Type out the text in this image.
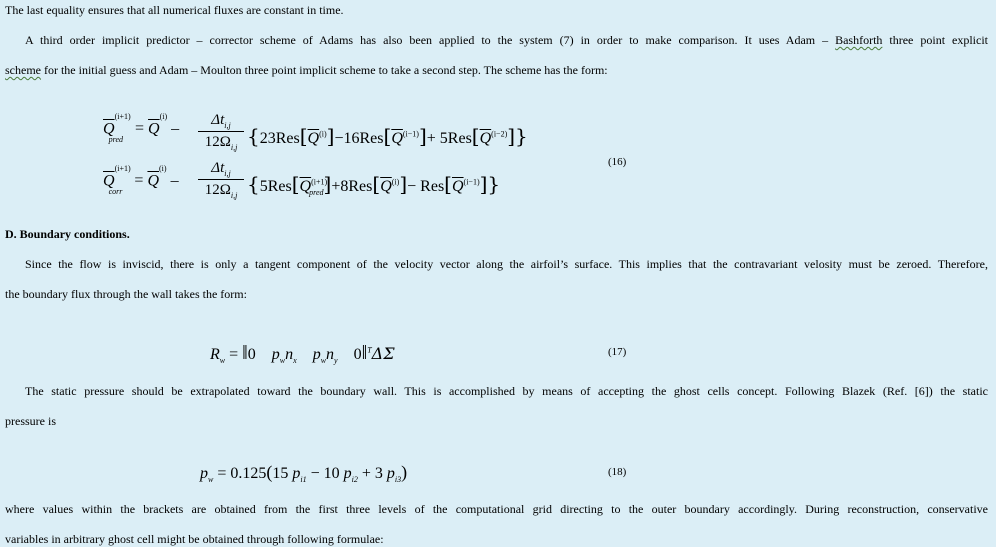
The last equality ensures that all numerical fluxes are constant in time.
A third order implicit predictor – corrector scheme of Adams has also been applied to the system (7) in order to make comparison. It uses Adam – Bashforth three point explicit
scheme for the initial guess and Adam – Moulton three point implicit scheme to take a second step. The scheme has the form:
$\overline{Q}^{(i+1)}_{pred} = \overline{Q}^{(i)}$ –
$\Delta t_{i,j}$
$12\Omega_{i,j}$ $\{23Res[\overline{Q}^{(i)}]-16Res[\overline{Q}^{(i-1)}]+ 5Res[\overline{Q}^{(i-2)}]\}$
$\overline{Q}^{(i+1)}_{corr} = \overline{Q}^{(i)}$ –
$\Delta t_{i,j}$
$12\Omega_{i,j}$ $\{5Res[\overline{Q}^{(i+1)}_{pred}]+8Res[\overline{Q}^{(i)}]- Res[\overline{Q}^{(i-1)}]\}$
(16)
D. Boundary conditions.
Since the flow is inviscid, there is only a tangent component of the velocity vector along the airfoil’s surface. This implies that the contravariant velosity must be zeroed. Therefore,
the boundary flux through the wall takes the form:
$R_w$ = ‖0    $p_wn_x$ $p_wn_y$    0‖$^T$ΔΣ	(17)
The static pressure should be extrapolated toward the boundary wall. This is accomplished by means of accepting the ghost cells concept. Following Blazek (Ref. [6]) the static
pressure is
$p_w = 0.125(15$ $p_{i1} - 10$ $p_{i2} + 3$ $p_{i3}$)	(18)
where values within the brackets are obtained from the first three levels of the computational grid directing to the outer boundary accordingly. During reconstruction, conservative
variables in arbitrary ghost cell might be obtained through following formulae:
